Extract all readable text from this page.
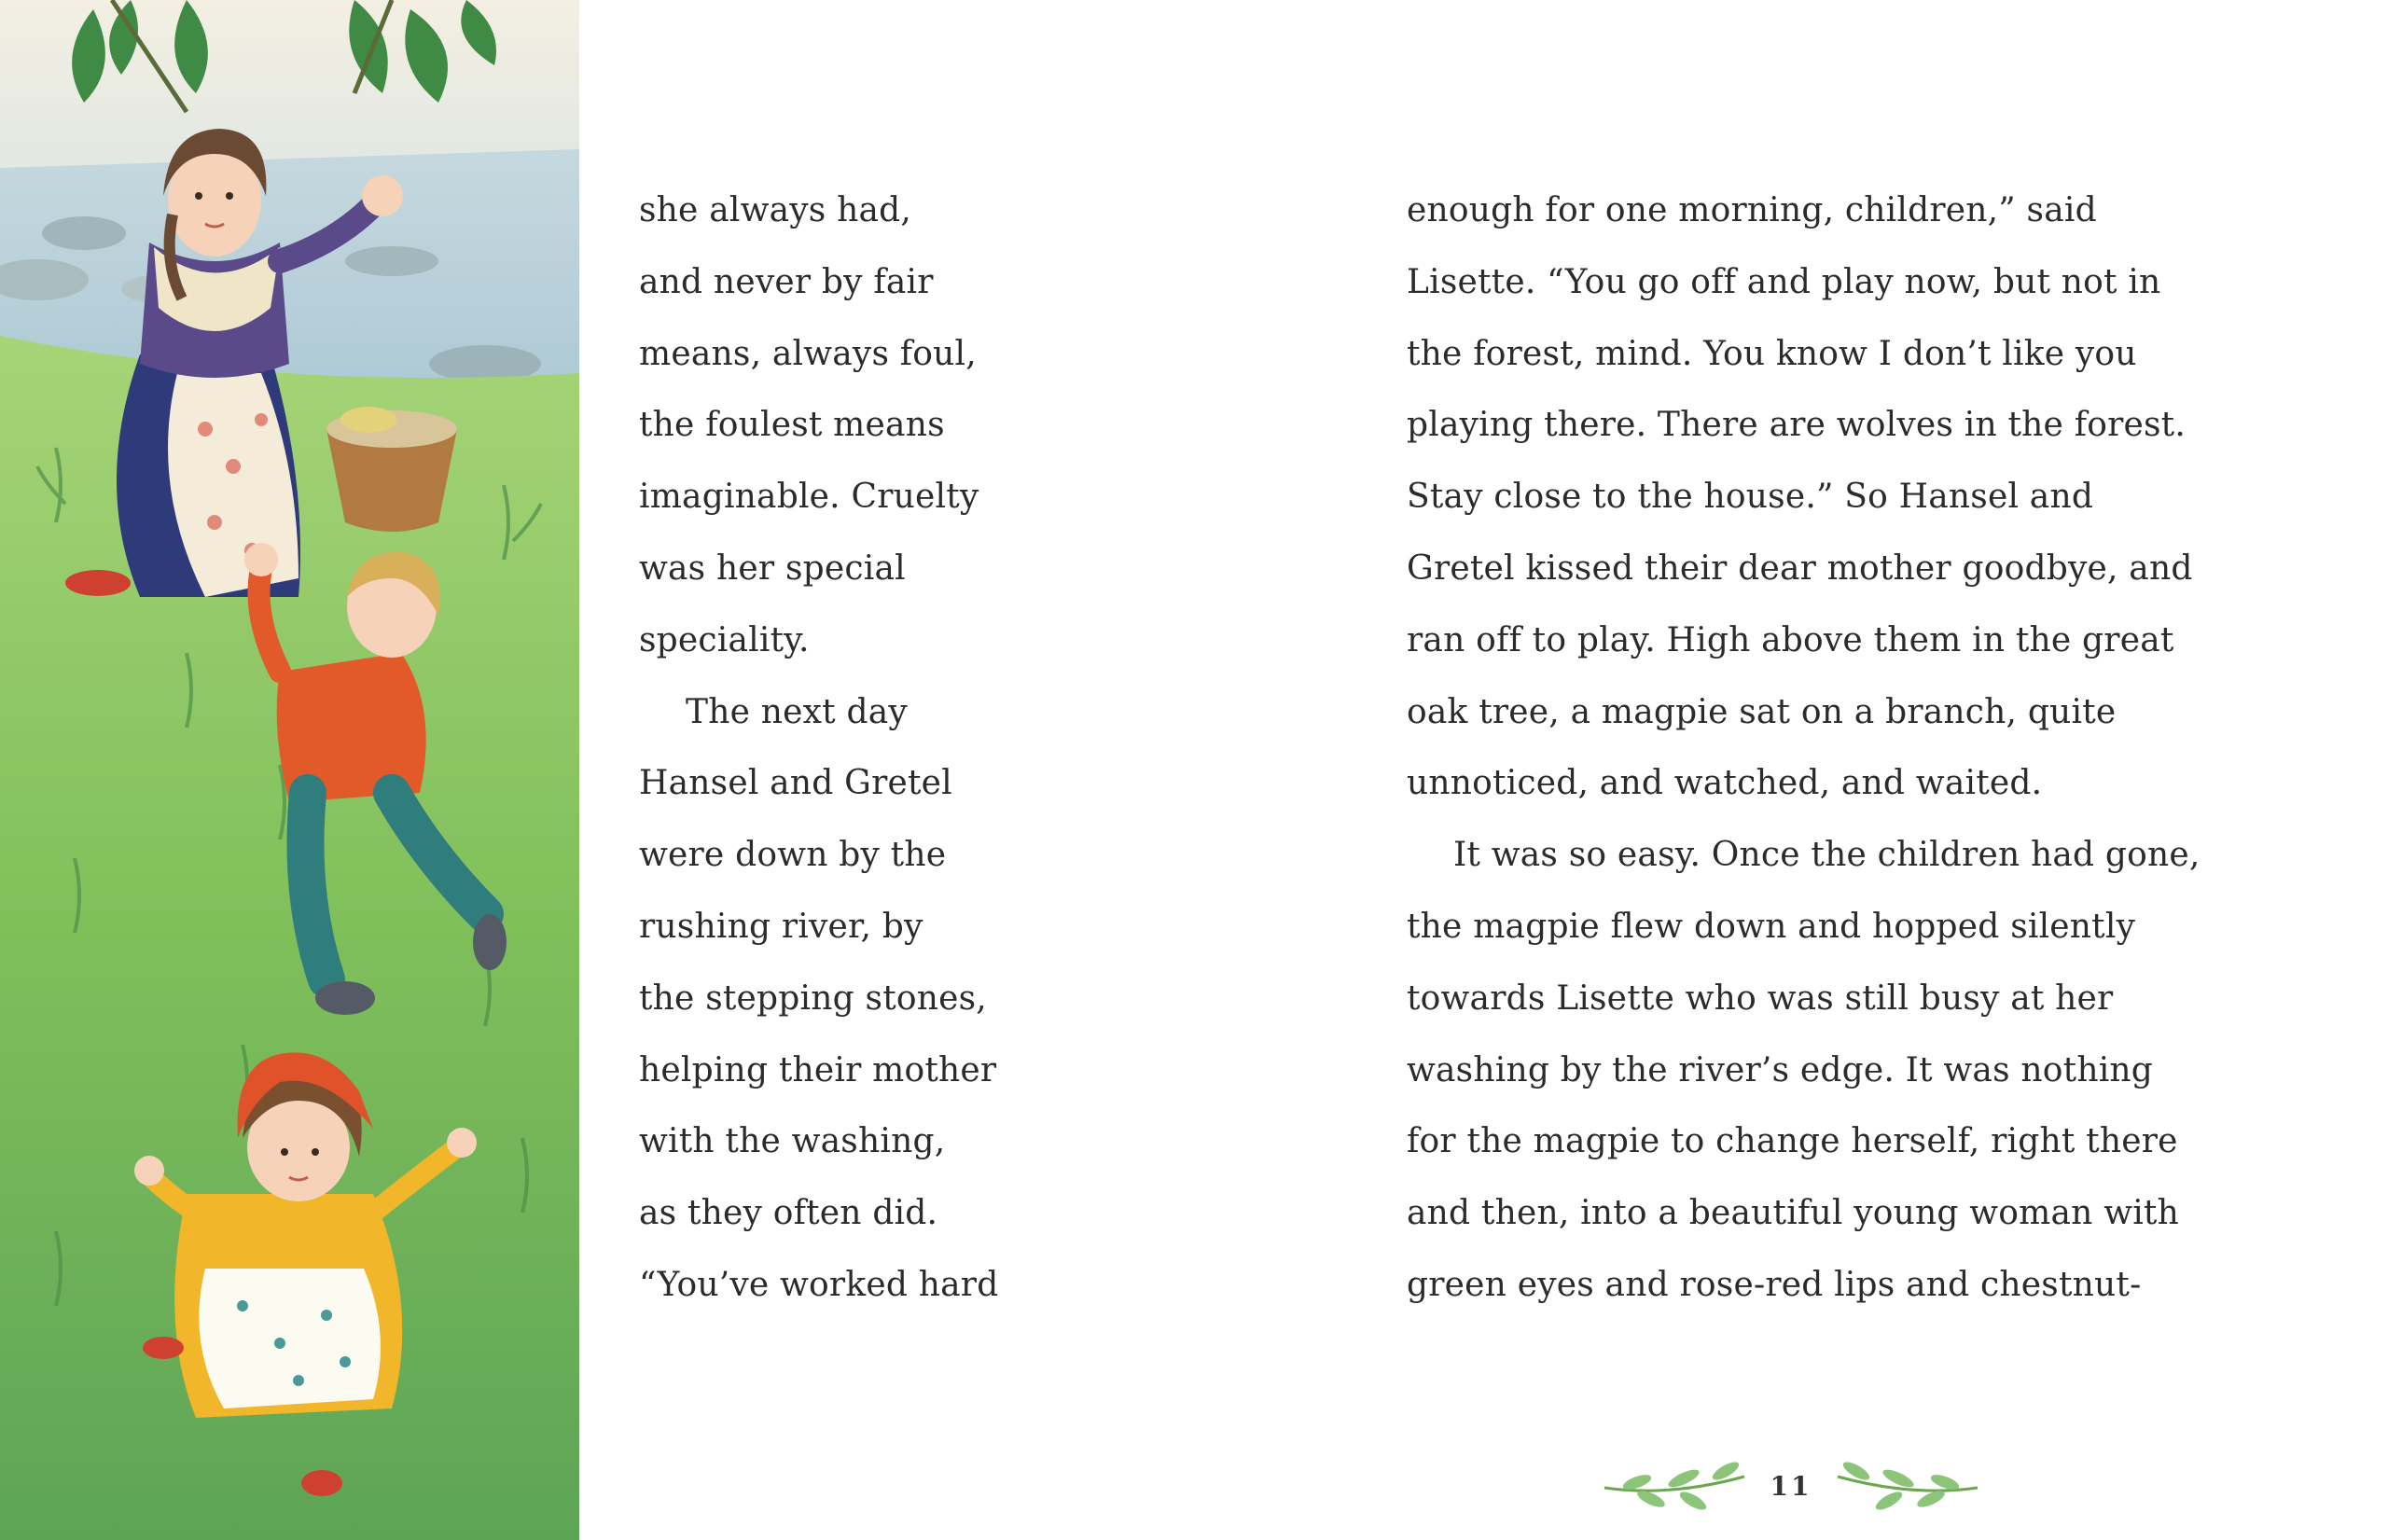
she always had,
and never by fair
means, always foul,
the foulest means
imaginable. Cruelty
was her special
speciality.
The next day
Hansel and Gretel
were down by the
rushing river, by
the stepping stones,
helping their mother
with the washing,
as they often did.
“You’ve worked hard
enough for one morning, children,” said
Lisette. “You go off and play now, but not in
the forest, mind. You know I don’t like you
playing there. There are wolves in the forest.
Stay close to the house.” So Hansel and
Gretel kissed their dear mother goodbye, and
ran off to play. High above them in the great
oak tree, a magpie sat on a branch, quite
unnoticed, and watched, and waited.
It was so easy. Once the children had gone,
the magpie flew down and hopped silently
towards Lisette who was still busy at her
washing by the river’s edge. It was nothing
for the magpie to change herself, right there
and then, into a beautiful young woman with
green eyes and rose-red lips and chestnut-
11
